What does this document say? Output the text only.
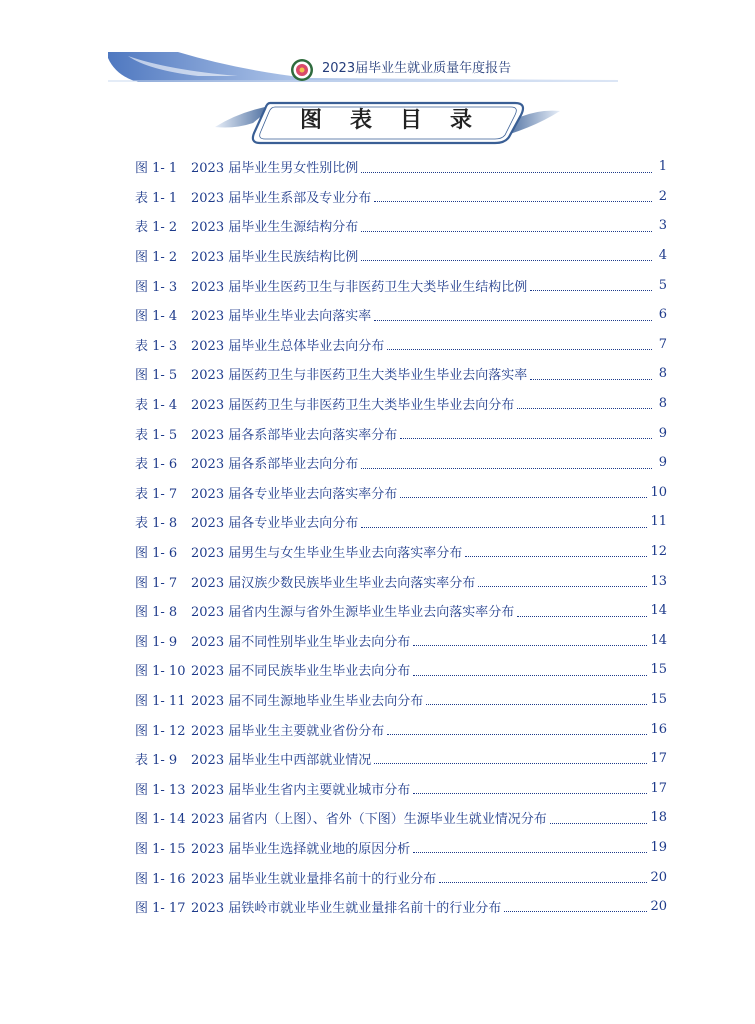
2023届毕业生就业质量年度报告
图表目录
图 1- 1	2023 届毕业生男女性别比例	1
表 1- 1	2023 届毕业生系部及专业分布	2
表 1- 2	2023 届毕业生生源结构分布	3
图 1- 2	2023 届毕业生民族结构比例	4
图 1- 3	2023 届毕业生医药卫生与非医药卫生大类毕业生结构比例	5
图 1- 4	2023 届毕业生毕业去向落实率	6
表 1- 3	2023 届毕业生总体毕业去向分布	7
图 1- 5	2023 届医药卫生与非医药卫生大类毕业生毕业去向落实率	8
表 1- 4	2023 届医药卫生与非医药卫生大类毕业生毕业去向分布	8
表 1- 5	2023 届各系部毕业去向落实率分布	9
表 1- 6	2023 届各系部毕业去向分布	9
表 1- 7	2023 届各专业毕业去向落实率分布	10
表 1- 8	2023 届各专业毕业去向分布	11
图 1- 6	2023 届男生与女生毕业生毕业去向落实率分布	12
图 1- 7	2023 届汉族少数民族毕业生毕业去向落实率分布	13
图 1- 8	2023 届省内生源与省外生源毕业生毕业去向落实率分布	14
图 1- 9	2023 届不同性别毕业生毕业去向分布	14
图 1- 10 2023 届不同民族毕业生毕业去向分布	15
图 1- 11 2023 届不同生源地毕业生毕业去向分布	15
图 1- 12 2023 届毕业生主要就业省份分布	16
表 1- 9	2023 届毕业生中西部就业情况	17
图 1- 13 2023 届毕业生省内主要就业城市分布	17
图 1- 14 2023 届省内（上图）、省外（下图）生源毕业生就业情况分布	18
图 1- 15 2023 届毕业生选择就业地的原因分析	19
图 1- 16 2023 届毕业生就业量排名前十的行业分布	20
图 1- 17 2023 届铁岭市就业毕业生就业量排名前十的行业分布	20
